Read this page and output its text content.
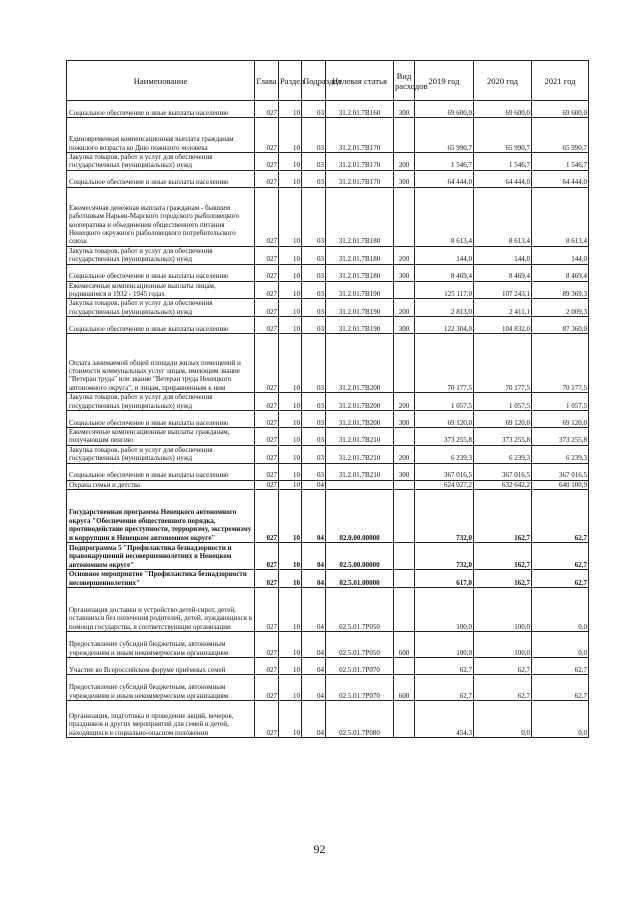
Наименование	Глава	Раздел	Подраздел	Целевая статья	Вид расходов	2019 год	2020 год	2021 год
Социальное обеспечение и иные выплаты населению	027	10	03	31.2.01.7В160	300	69 600,0	69 600,0	69 600,0
Единовременная компенсационная выплата гражданам пожилого возраста ко Дню пожилого человека	027	10	03	31.2.01.7В170		65 990,7	65 990,7	65 990,7
Закупка товаров, работ и услуг для обеспечения государственных (муниципальных) нужд	027	10	03	31.2.01.7В170	200	1 546,7	1 546,7	1 546,7
Социальное обеспечение и иные выплаты населению	027	10	03	31.2.01.7В170	300	64 444,0	64 444,0	64 444,0
Ежемесячная денежная выплата гражданам - бывшим работникам Нарьян-Марского городского рыболовецкого кооператива и объединения общественного питания Ненецкого окружного рыболовецкого потребительского союза	027	10	03	31.2.01.7В180		8 613,4	8 613,4	8 613,4
Закупка товаров, работ и услуг для обеспечения государственных (муниципальных) нужд	027	10	03	31.2.01.7В180	200	144,0	144,0	144,0
Социальное обеспечение и иные выплаты населению	027	10	03	31.2.01.7В180	300	8 469,4	8 469,4	8 469,4
Ежемесячные компенсационные выплаты лицам, родившимся в 1932 - 1945 годах	027	10	03	31.2.01.7В190		125 117,0	107 243,1	89 369,3
Закупка товаров, работ и услуг для обеспечения государственных (муниципальных) нужд	027	10	03	31.2.01.7В190	200	2 813,0	2 411,1	2 009,3
Социальное обеспечение и иные выплаты населению	027	10	03	31.2.01.7В190	300	122 304,0	104 832,0	87 360,0
Оплата занимаемой общей площади жилых помещений и стоимости коммунальных услуг лицам, имеющим звание "Ветеран труда" или звание "Ветеран труда Ненецкого автономного округа", и лицам, приравненным к ним	027	10	03	31.2.01.7В200		70 177,5	70 177,5	70 177,5
Закупка товаров, работ и услуг для обеспечения государственных (муниципальных) нужд	027	10	03	31.2.01.7В200	200	1 057,5	1 057,5	1 057,5
Социальное обеспечение и иные выплаты населению	027	10	03	31.2.01.7В200	300	69 120,0	69 120,0	69 120,0
Ежемесячные компенсационные выплаты гражданам, получающим пенсию	027	10	03	31.2.01.7В210		373 255,8	373 255,8	373 255,8
Закупка товаров, работ и услуг для обеспечения государственных (муниципальных) нужд	027	10	03	31.2.01.7В210	200	6 239,3	6 239,3	6 239,3
Социальное обеспечение и иные выплаты населению	027	10	03	31.2.01.7В210	300	367 016,5	367 016,5	367 016,5
Охрана семьи и детства	027	10	04			624 027,2	632 642,2	640 100,9
Государственная программа Ненецкого автономного округа "Обеспечение общественного порядка, противодействие преступности, терроризму, экстремизму и коррупции в Ненецком автономном округе"	027	10	04	02.0.00.00000		732,0	162,7	62,7
Подпрограмма 5 "Профилактика безнадзорности и правонарушений несовершеннолетних в Ненецком автономном округе"	027	10	04	02.5.00.00000		732,0	162,7	62,7
Основное мероприятие "Профилактика безнадзорности несовершеннолетних"	027	10	04	02.5.01.00000		617,0	162,7	62,7
Организация доставки и устройство детей-сирот, детей, оставшихся без попечения родителей, детей, нуждающихся в помощи государства, в соответствующие организации	027	10	04	02.5.01.7Р050		100,0	100,0	0,0
Предоставление субсидий бюджетным, автономным учреждениям и иным некоммерческим организациям	027	10	04	02.5.01.7Р050	600	100,0	100,0	0,0
Участие во Всероссийском форуме приёмных семей	027	10	04	02.5.01.7Р070		62,7	62,7	62,7
Предоставление субсидий бюджетным, автономным учреждениям и иным некоммерческим организациям	027	10	04	02.5.01.7Р070	600	62,7	62,7	62,7
Организация, подготовка и проведение акций, вечеров, праздников и других мероприятий для семей и детей, находящихся в социально-опасном положении	027	10	04	02.5.01.7Р080		454,3	0,0	0,0
92
